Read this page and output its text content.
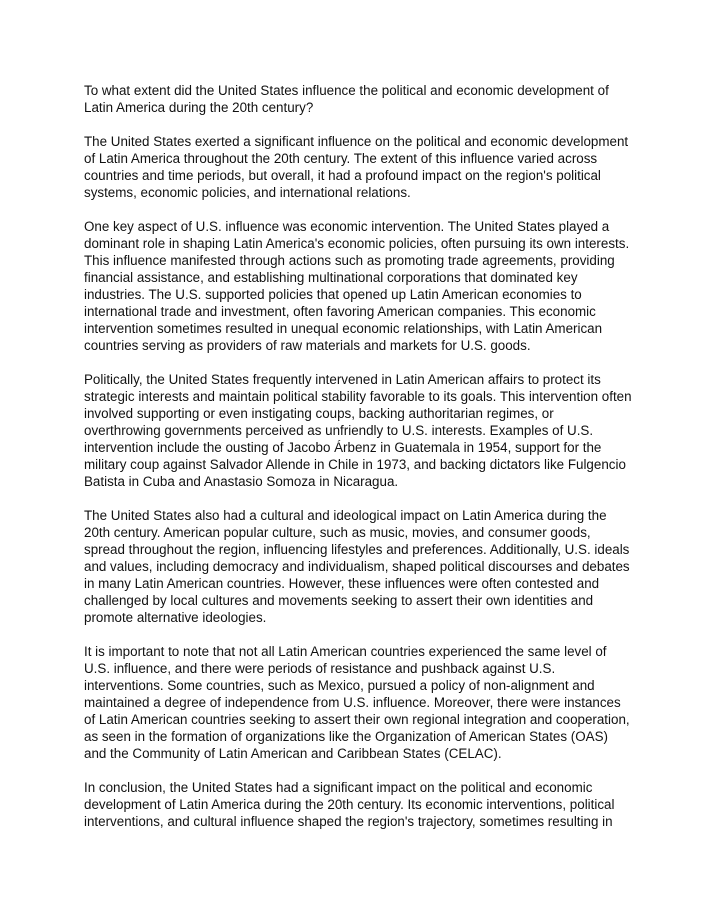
To what extent did the United States influence the political and economic development of Latin America during the 20th century?

The United States exerted a significant influence on the political and economic development of Latin America throughout the 20th century. The extent of this influence varied across countries and time periods, but overall, it had a profound impact on the region's political systems, economic policies, and international relations.

One key aspect of U.S. influence was economic intervention. The United States played a dominant role in shaping Latin America's economic policies, often pursuing its own interests. This influence manifested through actions such as promoting trade agreements, providing financial assistance, and establishing multinational corporations that dominated key industries. The U.S. supported policies that opened up Latin American economies to international trade and investment, often favoring American companies. This economic intervention sometimes resulted in unequal economic relationships, with Latin American countries serving as providers of raw materials and markets for U.S. goods.

Politically, the United States frequently intervened in Latin American affairs to protect its strategic interests and maintain political stability favorable to its goals. This intervention often involved supporting or even instigating coups, backing authoritarian regimes, or overthrowing governments perceived as unfriendly to U.S. interests. Examples of U.S. intervention include the ousting of Jacobo Árbenz in Guatemala in 1954, support for the military coup against Salvador Allende in Chile in 1973, and backing dictators like Fulgencio Batista in Cuba and Anastasio Somoza in Nicaragua.

The United States also had a cultural and ideological impact on Latin America during the 20th century. American popular culture, such as music, movies, and consumer goods, spread throughout the region, influencing lifestyles and preferences. Additionally, U.S. ideals and values, including democracy and individualism, shaped political discourses and debates in many Latin American countries. However, these influences were often contested and challenged by local cultures and movements seeking to assert their own identities and promote alternative ideologies.

It is important to note that not all Latin American countries experienced the same level of U.S. influence, and there were periods of resistance and pushback against U.S. interventions. Some countries, such as Mexico, pursued a policy of non-alignment and maintained a degree of independence from U.S. influence. Moreover, there were instances of Latin American countries seeking to assert their own regional integration and cooperation, as seen in the formation of organizations like the Organization of American States (OAS) and the Community of Latin American and Caribbean States (CELAC).

In conclusion, the United States had a significant impact on the political and economic development of Latin America during the 20th century. Its economic interventions, political interventions, and cultural influence shaped the region's trajectory, sometimes resulting in
